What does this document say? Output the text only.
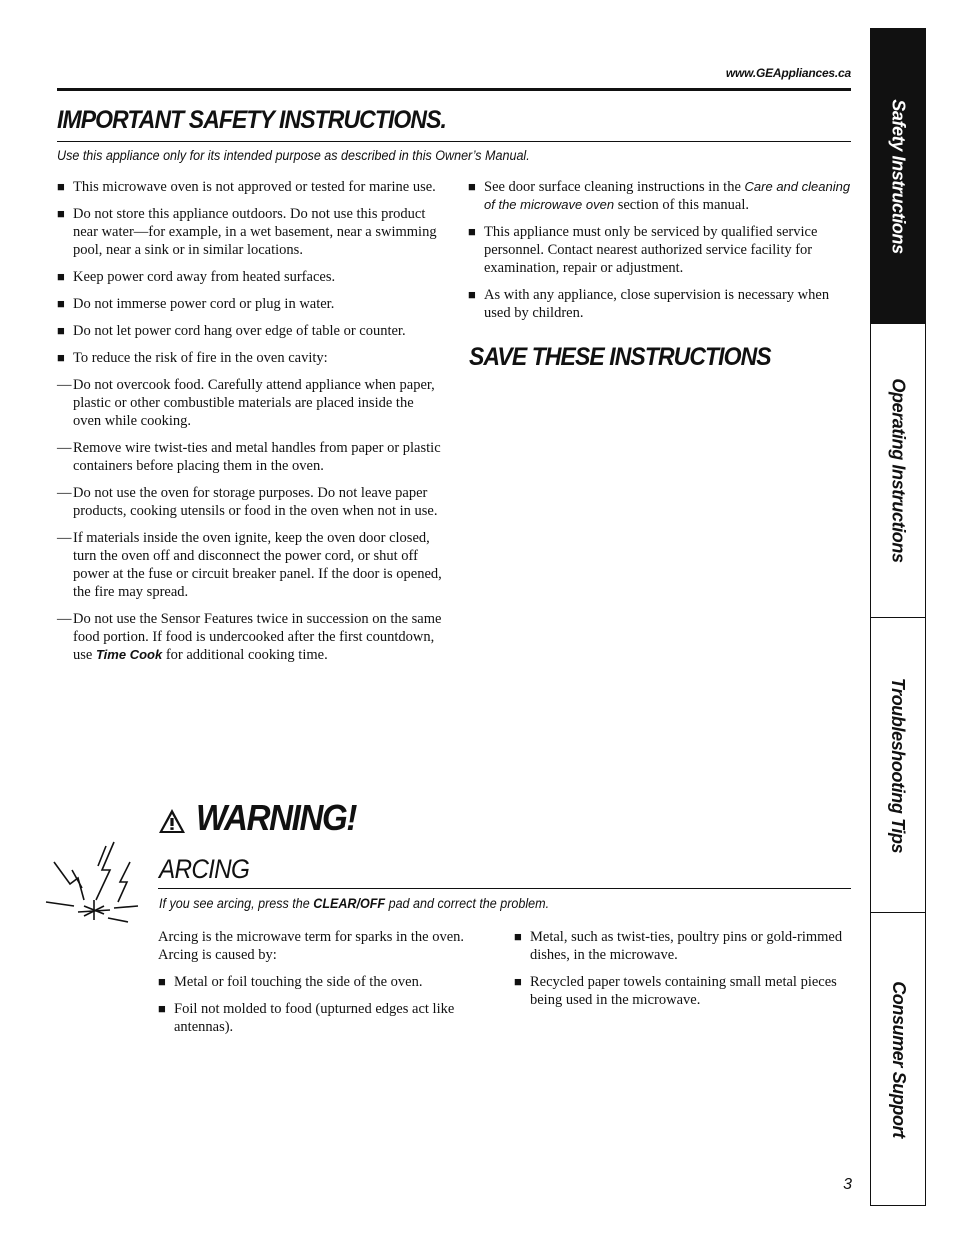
www.GEAppliances.ca
IMPORTANT SAFETY INSTRUCTIONS.
Use this appliance only for its intended purpose as described in this Owner’s Manual.
■ This microwave oven is not approved or tested for marine use.
■ Do not store this appliance outdoors. Do not use this product near water—for example, in a wet basement, near a swimming pool, near a sink or in similar locations.
■ Keep power cord away from heated surfaces.
■ Do not immerse power cord or plug in water.
■ Do not let power cord hang over edge of table or counter.
■ To reduce the risk of fire in the oven cavity:
— Do not overcook food. Carefully attend appliance when paper, plastic or other combustible materials are placed inside the oven while cooking.
— Remove wire twist-ties and metal handles from paper or plastic containers before placing them in the oven.
— Do not use the oven for storage purposes. Do not leave paper products, cooking utensils or food in the oven when not in use.
— If materials inside the oven ignite, keep the oven door closed, turn the oven off and disconnect the power cord, or shut off power at the fuse or circuit breaker panel. If the door is opened, the fire may spread.
— Do not use the Sensor Features twice in succession on the same food portion. If food is undercooked after the first countdown, use Time Cook for additional cooking time.
■ See door surface cleaning instructions in the Care and cleaning of the microwave oven section of this manual.
■ This appliance must only be serviced by qualified service personnel. Contact nearest authorized service facility for examination, repair or adjustment.
■ As with any appliance, close supervision is necessary when used by children.
SAVE THESE INSTRUCTIONS
WARNING!
ARCING
If you see arcing, press the CLEAR/OFF pad and correct the problem.
Arcing is the microwave term for sparks in the oven. Arcing is caused by:
■ Metal or foil touching the side of the oven.
■ Foil not molded to food (upturned edges act like antennas).
■ Metal, such as twist-ties, poultry pins or gold-rimmed dishes, in the microwave.
■ Recycled paper towels containing small metal pieces being used in the microwave.
3
Safety Instructions
Operating Instructions
Troubleshooting Tips
Consumer Support
